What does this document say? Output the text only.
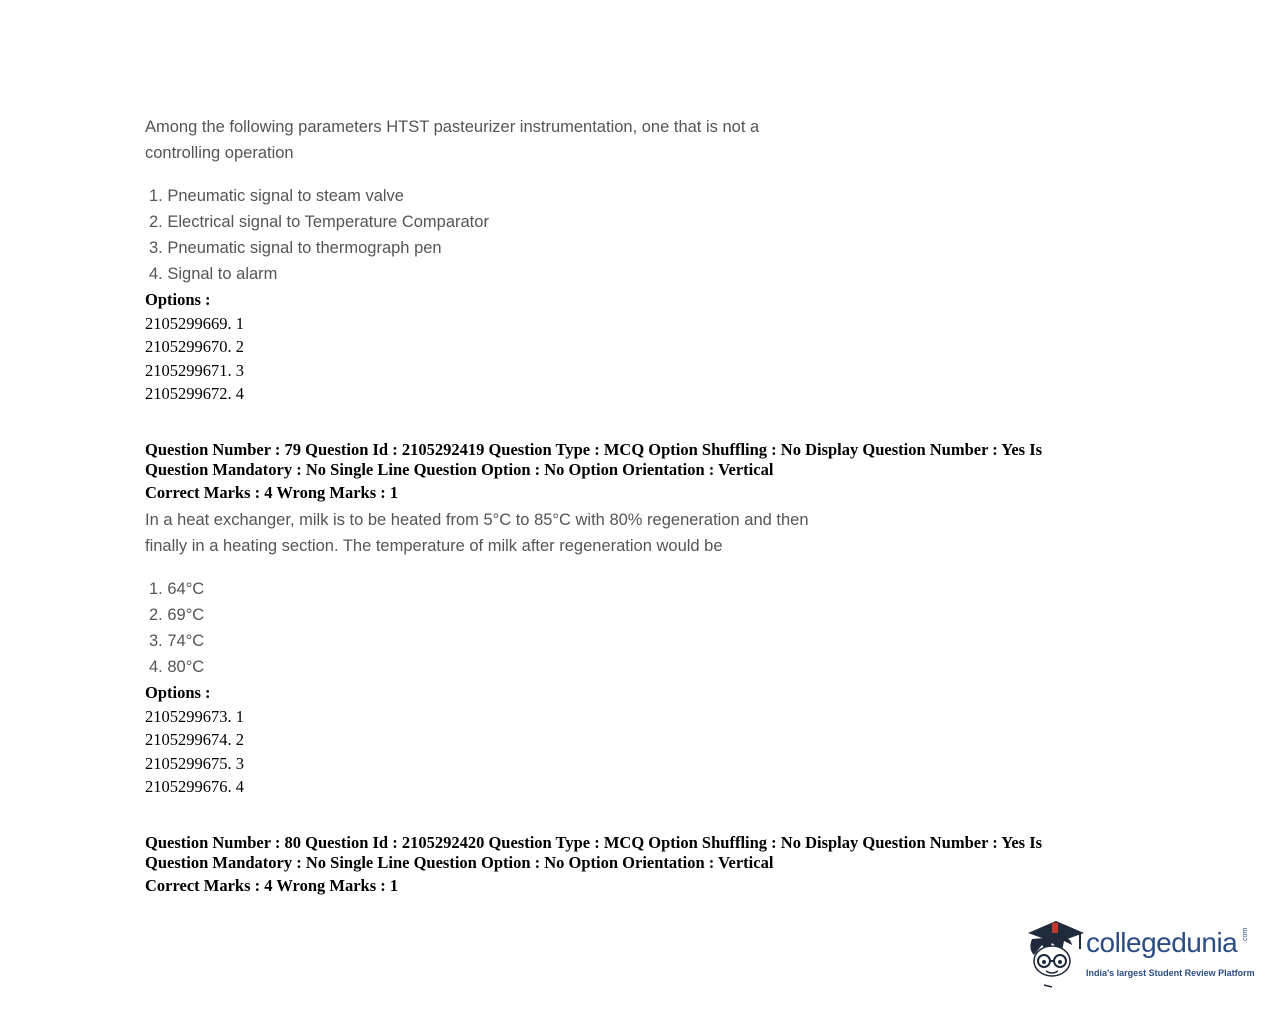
Among the following parameters HTST pasteurizer instrumentation, one that is not a
controlling operation
1. Pneumatic signal to steam valve
2. Electrical signal to Temperature Comparator
3. Pneumatic signal to thermograph pen
4. Signal to alarm
Options :
2105299669. 1
2105299670. 2
2105299671. 3
2105299672. 4
Question Number : 79 Question Id : 2105292419 Question Type : MCQ Option Shuffling : No Display Question Number : Yes Is
Question Mandatory : No Single Line Question Option : No Option Orientation : Vertical
Correct Marks : 4 Wrong Marks : 1
In a heat exchanger, milk is to be heated from 5°C to 85°C with 80% regeneration and then
finally in a heating section. The temperature of milk after regeneration would be
1. 64°C
2. 69°C
3. 74°C
4. 80°C
Options :
2105299673. 1
2105299674. 2
2105299675. 3
2105299676. 4
Question Number : 80 Question Id : 2105292420 Question Type : MCQ Option Shuffling : No Display Question Number : Yes Is
Question Mandatory : No Single Line Question Option : No Option Orientation : Vertical
Correct Marks : 4 Wrong Marks : 1
collegedunia .com
India's largest Student Review Platform
